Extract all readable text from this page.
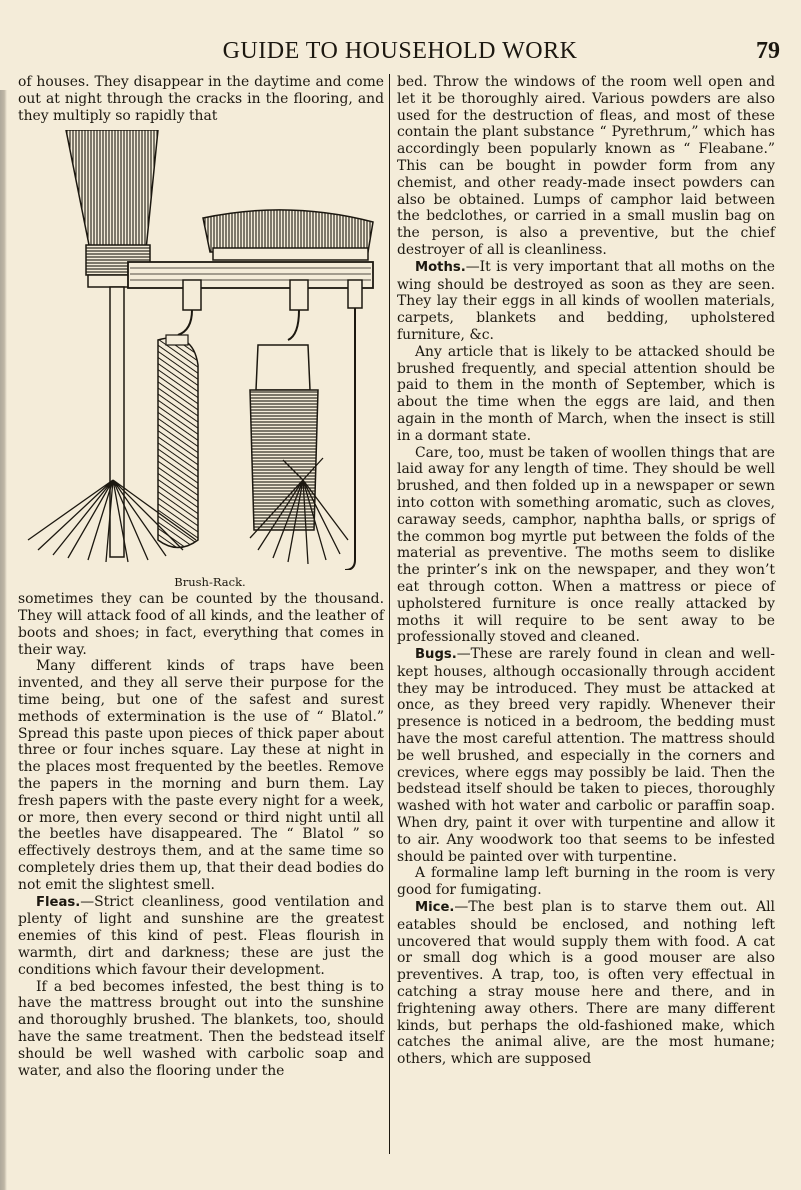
GUIDE TO HOUSEHOLD WORK	79

of houses. They disappear in the daytime and come out at night through the cracks in the flooring, and they multiply so rapidly that

Brush-Rack.

sometimes they can be counted by the thousand. They will attack food of all kinds, and the leather of boots and shoes; in fact, everything that comes in their way.

Many different kinds of traps have been invented, and they all serve their purpose for the time being, but one of the safest and surest methods of extermination is the use of “ Blatol.” Spread this paste upon pieces of thick paper about three or four inches square. Lay these at night in the places most frequented by the beetles. Remove the papers in the morning and burn them. Lay fresh papers with the paste every night for a week, or more, then every second or third night until all the beetles have disappeared. The “ Blatol ” so effectively destroys them, and at the same time so completely dries them up, that their dead bodies do not emit the slightest smell.

Fleas.—Strict cleanliness, good ventilation and plenty of light and sunshine are the greatest enemies of this kind of pest. Fleas flourish in warmth, dirt and darkness; these are just the conditions which favour their development.

If a bed becomes infested, the best thing is to have the mattress brought out into the sunshine and thoroughly brushed. The blankets, too, should have the same treatment. Then the bedstead itself should be well washed with carbolic soap and water, and also the flooring under the

bed. Throw the windows of the room well open and let it be thoroughly aired. Various powders are also used for the destruction of fleas, and most of these contain the plant substance “ Pyrethrum,” which has accordingly been popularly known as “ Fleabane.” This can be bought in powder form from any chemist, and other ready-made insect powders can also be obtained. Lumps of camphor laid between the bedclothes, or carried in a small muslin bag on the person, is also a preventive, but the chief destroyer of all is cleanliness.

Moths.—It is very important that all moths on the wing should be destroyed as soon as they are seen. They lay their eggs in all kinds of woollen materials, carpets, blankets and bedding, upholstered furniture, &c.

Any article that is likely to be attacked should be brushed frequently, and special attention should be paid to them in the month of September, which is about the time when the eggs are laid, and then again in the month of March, when the insect is still in a dormant state.

Care, too, must be taken of woollen things that are laid away for any length of time. They should be well brushed, and then folded up in a newspaper or sewn into cotton with something aromatic, such as cloves, caraway seeds, camphor, naphtha balls, or sprigs of the common bog myrtle put between the folds of the material as preventive. The moths seem to dislike the printer’s ink on the newspaper, and they won’t eat through cotton. When a mattress or piece of upholstered furniture is once really attacked by moths it will require to be sent away to be professionally stoved and cleaned.

Bugs.—These are rarely found in clean and well-kept houses, although occasionally through accident they may be introduced. They must be attacked at once, as they breed very rapidly. Whenever their presence is noticed in a bedroom, the bedding must have the most careful attention. The mattress should be well brushed, and especially in the corners and crevices, where eggs may possibly be laid. Then the bedstead itself should be taken to pieces, thoroughly washed with hot water and carbolic or paraffin soap. When dry, paint it over with turpentine and allow it to air. Any woodwork too that seems to be infested should be painted over with turpentine.

A formaline lamp left burning in the room is very good for fumigating.

Mice.—The best plan is to starve them out. All eatables should be enclosed, and nothing left uncovered that would supply them with food. A cat or small dog which is a good mouser are also preventives. A trap, too, is often very effectual in catching a stray mouse here and there, and in frightening away others. There are many different kinds, but perhaps the old-fashioned make, which catches the animal alive, are the most humane; others, which are supposed
